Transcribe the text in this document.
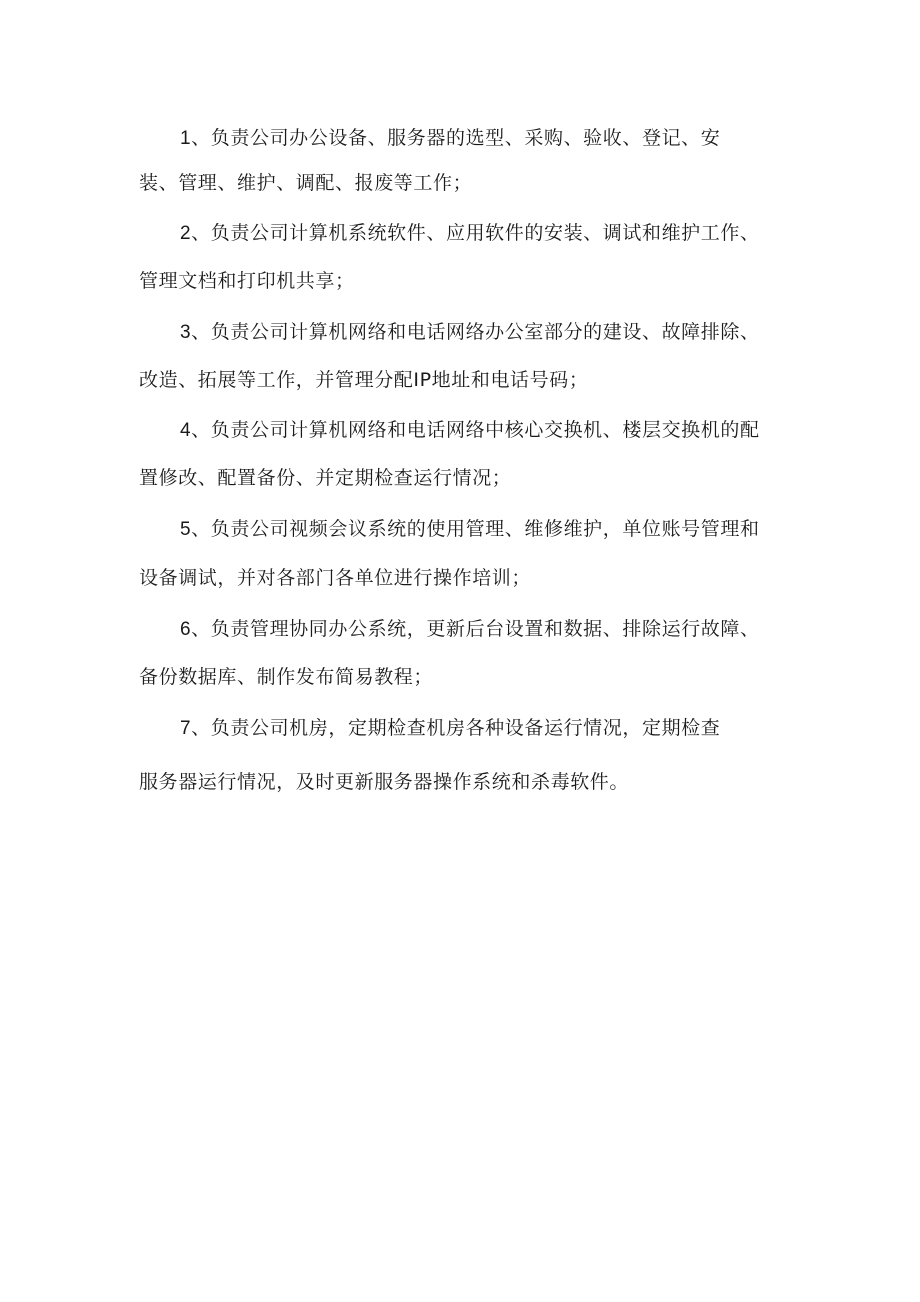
1、负责公司办公设备、服务器的选型、采购、验收、登记、安
装、管理、维护、调配、报废等工作；
2、负责公司计算机系统软件、应用软件的安装、调试和维护工作、
管理文档和打印机共享；
3、负责公司计算机网络和电话网络办公室部分的建设、故障排除、
改造、拓展等工作，并管理分配IP地址和电话号码；
4、负责公司计算机网络和电话网络中核心交换机、楼层交换机的配
置修改、配置备份、并定期检查运行情况；
5、负责公司视频会议系统的使用管理、维修维护，单位账号管理和
设备调试，并对各部门各单位进行操作培训；
6、负责管理协同办公系统，更新后台设置和数据、排除运行故障、
备份数据库、制作发布简易教程；
7、负责公司机房，定期检查机房各种设备运行情况，定期检查
服务器运行情况，及时更新服务器操作系统和杀毒软件。
